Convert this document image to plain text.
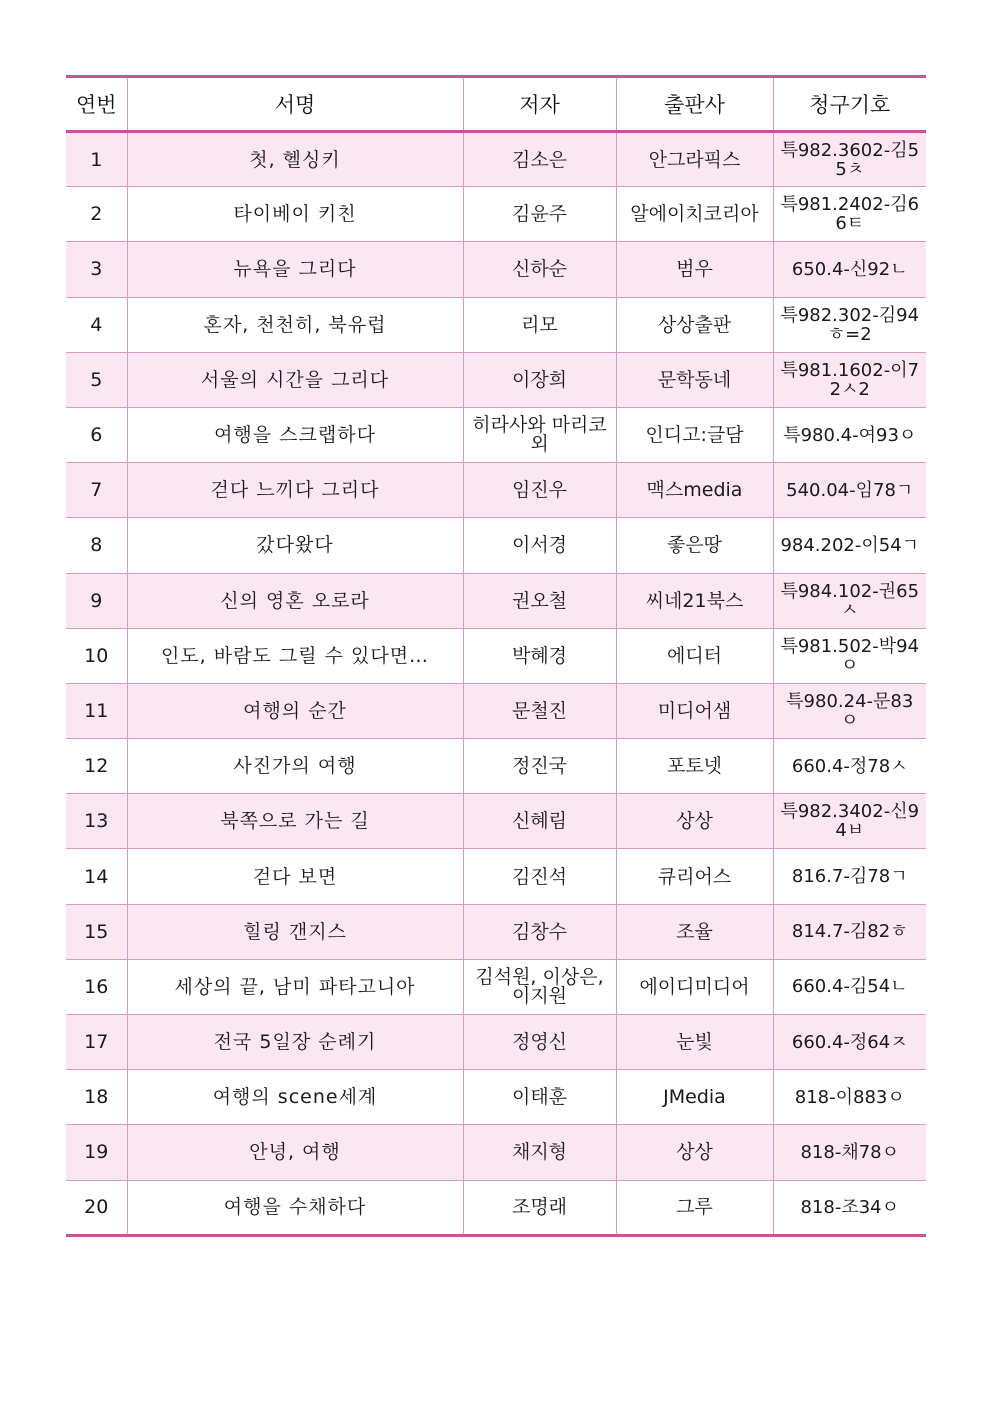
연번	서명	저자	출판사	청구기호
1	첫, 헬싱키	김소은	안그라픽스	특982.3602-김55ㅊ
2	타이베이 키친	김윤주	알에이치코리아	특981.2402-김66ㅌ
3	뉴욕을 그리다	신하순	범우	650.4-신92ㄴ
4	혼자, 천천히, 북유럽	리모	상상출판	특982.302-김94ㅎ=2
5	서울의 시간을 그리다	이장희	문학동네	특981.1602-이72ㅅ2
6	여행을 스크랩하다	히라사와 마리코 외	인디고:글담	특980.4-여93ㅇ
7	걷다 느끼다 그리다	임진우	맥스media	540.04-임78ㄱ
8	갔다왔다	이서경	좋은땅	984.202-이54ㄱ
9	신의 영혼 오로라	권오철	씨네21북스	특984.102-권65ㅅ
10	인도, 바람도 그릴 수 있다면…	박혜경	에디터	특981.502-박94ㅇ
11	여행의 순간	문철진	미디어샘	특980.24-문83ㅇ
12	사진가의 여행	정진국	포토넷	660.4-정78ㅅ
13	북쪽으로 가는 길	신혜림	상상	특982.3402-신94ㅂ
14	걷다 보면	김진석	큐리어스	816.7-김78ㄱ
15	힐링 갠지스	김창수	조율	814.7-김82ㅎ
16	세상의 끝, 남미 파타고니아	김석원, 이상은, 이지원	에이디미디어	660.4-김54ㄴ
17	전국 5일장 순례기	정영신	눈빛	660.4-정64ㅈ
18	여행의 scene세계	이태훈	JMedia	818-이883ㅇ
19	안녕, 여행	채지형	상상	818-채78ㅇ
20	여행을 수채하다	조명래	그루	818-조34ㅇ
